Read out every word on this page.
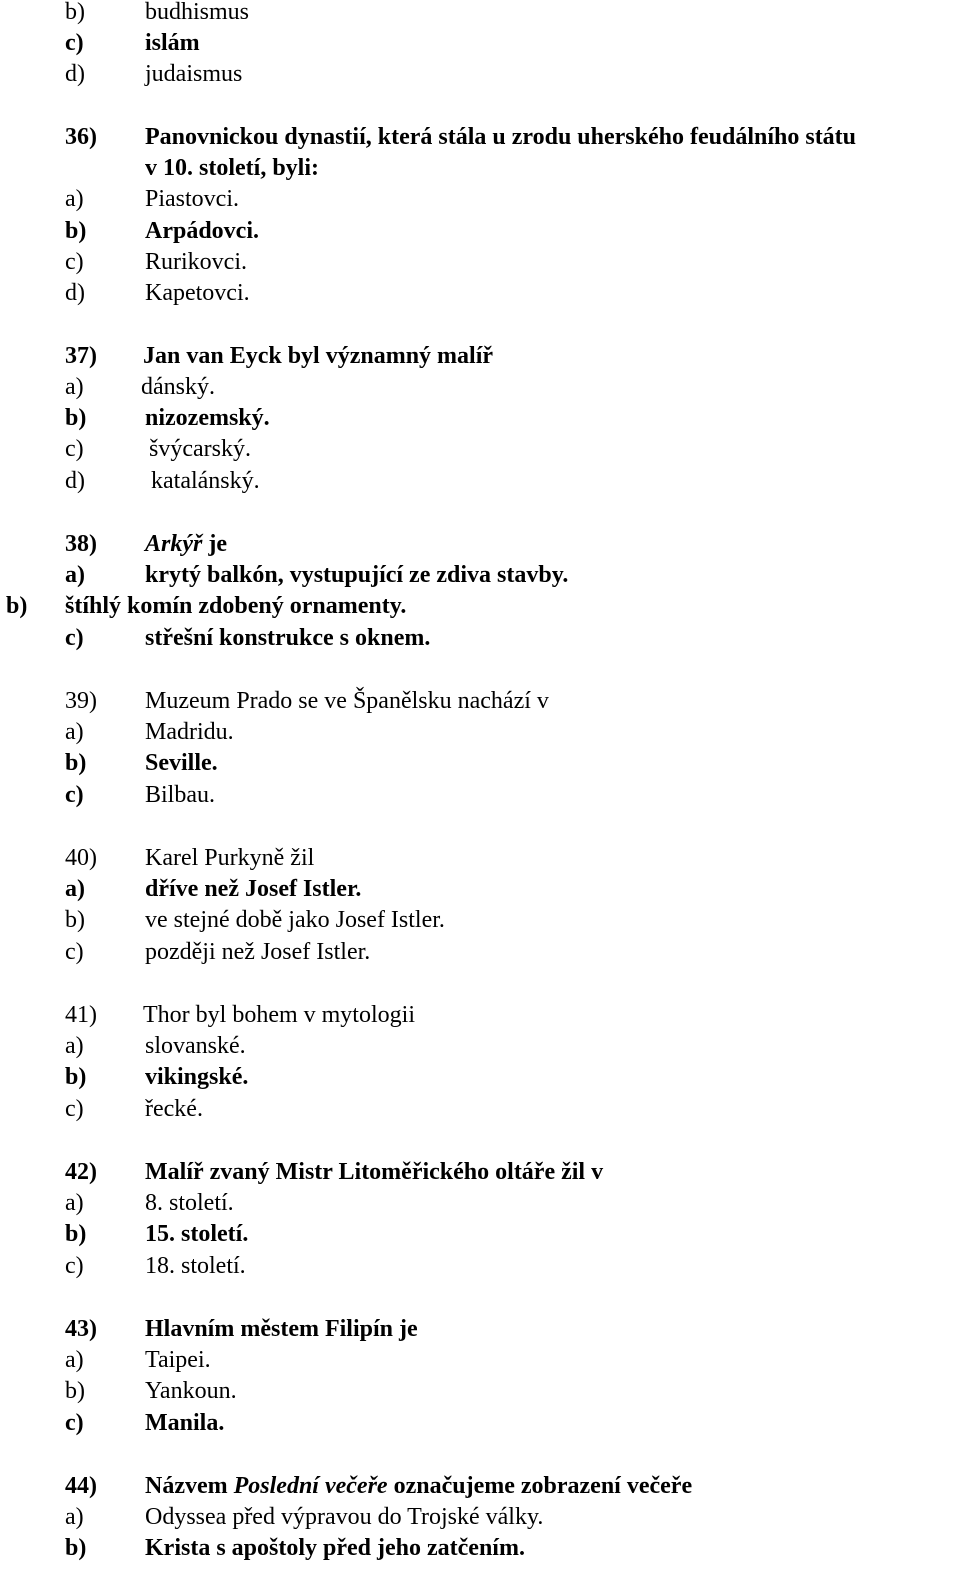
b)	budhismus
c)	islám
d)	judaismus
36) Panovnickou dynastií, která stála u zrodu uherského feudálního státu
v 10. století, byli:
a)	Piastovci.
b) Arpádovci.
c)	Rurikovci.
d)	Kapetovci.
37) Jan van Eyck byl významný malíř
a) dánský.
b) nizozemský.
c)	švýcarský.
d)	katalánský.
38) Arkýř je
a)	krytý balkón, vystupující ze zdiva stavby.
b) štíhlý komín zdobený ornamenty.
c)	střešní konstrukce s oknem.
39) Muzeum Prado se ve Španělsku nachází v
a)	Madridu.
b) Seville.
c)	Bilbau.
40) Karel Purkyně žil
a)	dříve než Josef Istler.
b)	ve stejné době jako Josef Istler.
c)	později než Josef Istler.
41) Thor byl bohem v mytologii
a)	slovanské.
b) vikingské.
c)	řecké.
42) Malíř zvaný Mistr Litoměřického oltáře žil v
a)	8. století.
b) 15. století.
c)	18. století.
43) Hlavním městem Filipín je
a)	Taipei.
b)	Yankoun.
c)	Manila.
44) Názvem Poslední večeře označujeme zobrazení večeře
a)	Odyssea před výpravou do Trojské války.
b) Krista s apoštoly před jeho zatčením.
